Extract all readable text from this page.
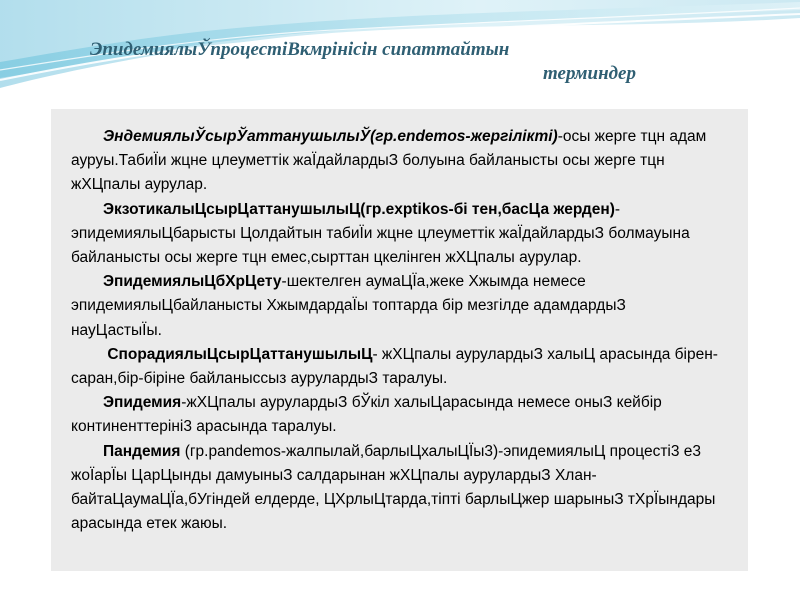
ЭпидемиялыЎпроцестіВкмрінісін сипаттайтын
терминдер

ЭндемиялыЎсырЎаттанушылыЎ(гр.endemos-жергілікті)-осы жерге тцн адам ауруы.ТабиЇи жцне цлеуметтік жаЇдайлардыЗ болуына байланысты осы жерге тцн жХЦпалы аурулар.

ЭкзотикалыЦсырЦаттанушылыЦ(гр.exptikos-бі тен,басЦа жерден)-эпидемиялыЦбарысты Цолдайтын табиЇи жцне цлеуметтік жаЇдайлардыЗ болмауына байланысты осы жерге тцн емес,сырттан цкелінген жХЦпалы аурулар.

ЭпидемиялыЦбХрЦету-шектелген аумаЦЇа,жеке Хжымда немесе эпидемиялыЦбайланысты ХжымдардаЇы топтарда бір мезгілде адамдардыЗ науЦастыЇы.

СпорадиялыЦсырЦаттанушылыЦ- жХЦпалы аурулардыЗ халыЦ арасында бірен-саран,бір-біріне байланыссыз аурулардыЗ таралуы.

Эпидемия-жХЦпалы аурулардыЗ бЎкіл халыЦарасында немесе оныЗ кейбір континенттеріні3 арасында таралуы.

Пандемия (гр.pandemos-жалпылай,барлыЦхалыЦЇы3)-эпидемиялыЦ процесті3 е3 жоЇарЇы ЦарЦынды дамуыныЗ салдарынан жХЦпалы аурулардыЗ Хлан-байтаЦаумаЦЇа,бУгіндей елдерде, ЦХрлыЦтарда,тіпті барлыЦжер шарыныЗ тХрЇындары арасында етек жаюы.
